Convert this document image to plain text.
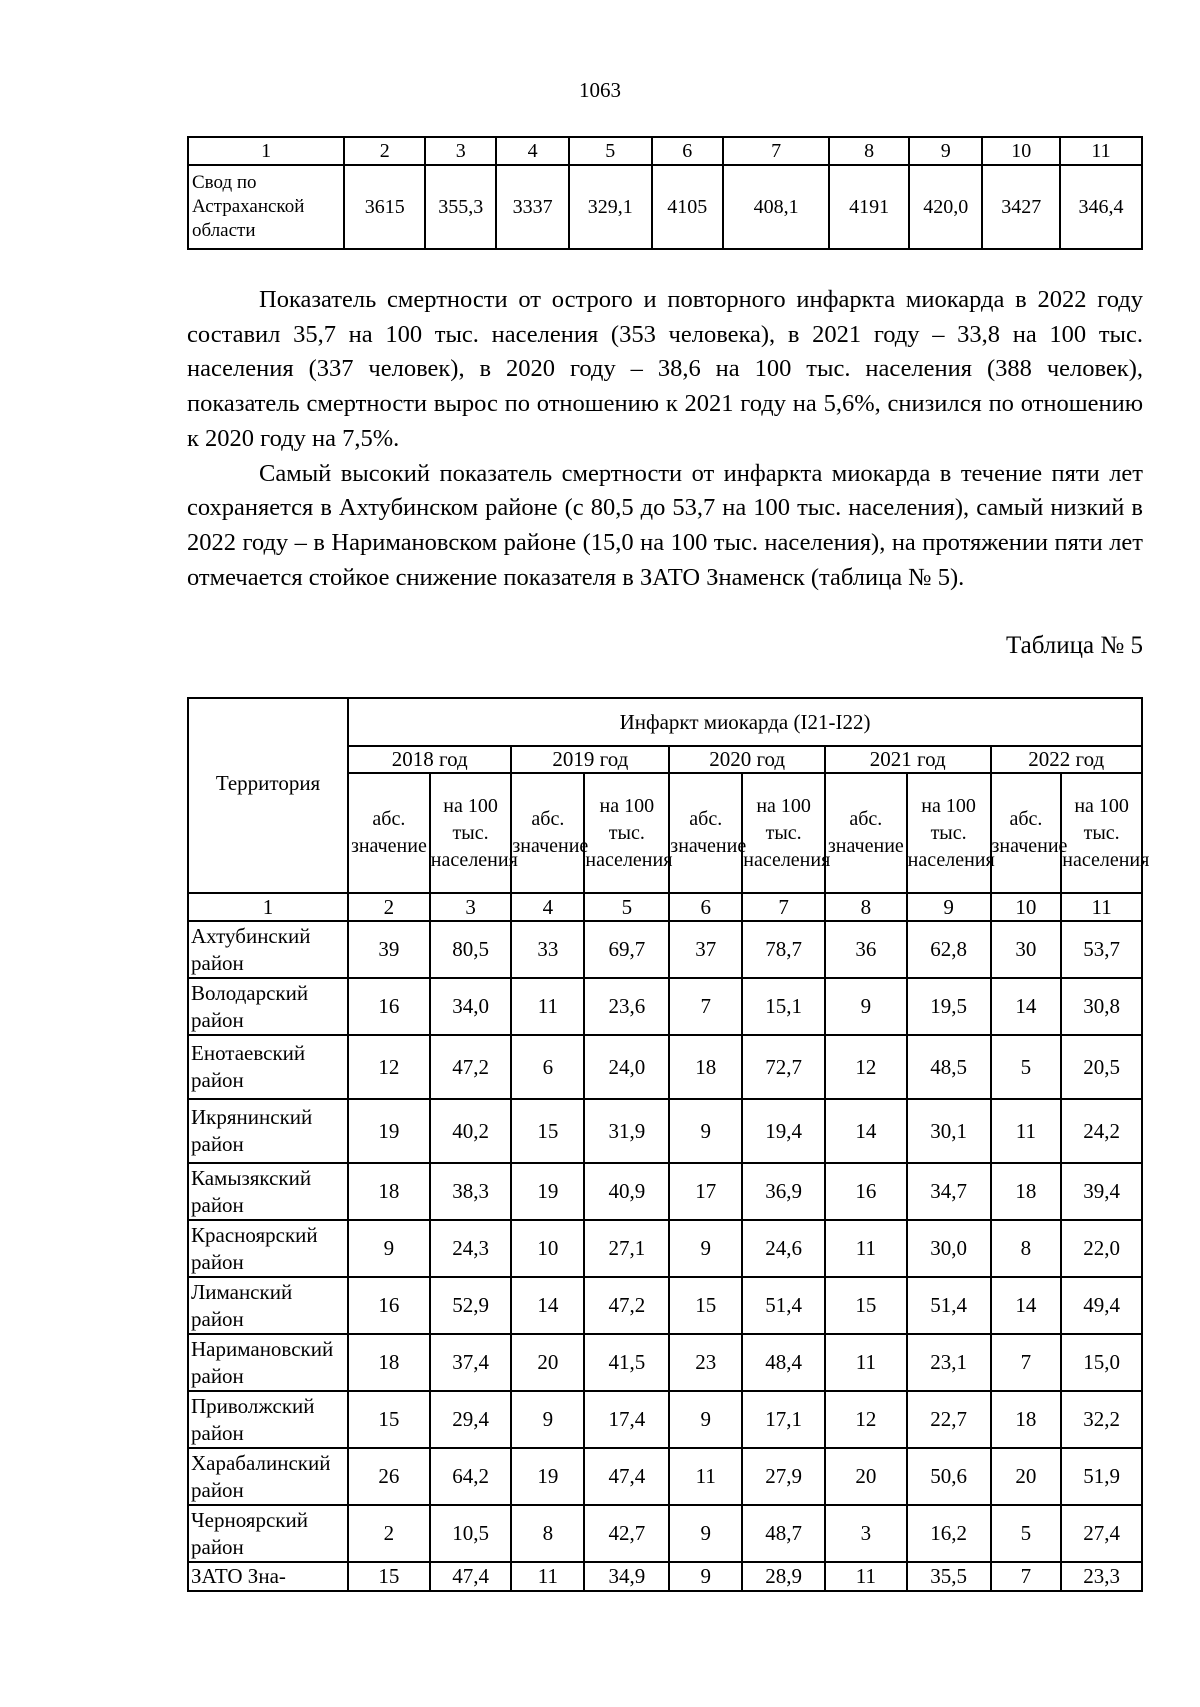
1063
1	2	3	4	5	6	7	8	9	10	11
Свод по Астраханской области	3615	355,3	3337	329,1	4105	408,1	4191	420,0	3427	346,4

Показатель смертности от острого и повторного инфаркта миокарда в 2022 году составил 35,7 на 100 тыс. населения (353 человека), в 2021 году – 33,8 на 100 тыс. населения (337 человек), в 2020 году – 38,6 на 100 тыс. населения (388 человек), показатель смертности вырос по отношению к 2021 году на 5,6%, снизился по отношению к 2020 году на 7,5%.

Самый высокий показатель смертности от инфаркта миокарда в течение пяти лет сохраняется в Ахтубинском районе (с 80,5 до 53,7 на 100 тыс. населения), самый низкий в 2022 году – в Наримановском районе (15,0 на 100 тыс. населения), на протяжении пяти лет отмечается стойкое снижение показателя в ЗАТО Знаменск (таблица № 5).

Таблица № 5
Территория	Инфаркт миокарда (I21-I22)									
	2018 год		2019 год		2020 год		2021 год		2022 год	
	абс. значение	на 100 тыс. населения	абс. значение	на 100 тыс. населения	абс. значение	на 100 тыс. населения	абс. значение	на 100 тыс. населения	абс. значение	на 100 тыс. населения
1	2	3	4	5	6	7	8	9	10	11
Ахтубинский район	39	80,5	33	69,7	37	78,7	36	62,8	30	53,7
Володарский район	16	34,0	11	23,6	7	15,1	9	19,5	14	30,8
Енотаевский район	12	47,2	6	24,0	18	72,7	12	48,5	5	20,5
Икрянинский район	19	40,2	15	31,9	9	19,4	14	30,1	11	24,2
Камызякский район	18	38,3	19	40,9	17	36,9	16	34,7	18	39,4
Красноярский район	9	24,3	10	27,1	9	24,6	11	30,0	8	22,0
Лиманский район	16	52,9	14	47,2	15	51,4	15	51,4	14	49,4
Наримановский район	18	37,4	20	41,5	23	48,4	11	23,1	7	15,0
Приволжский район	15	29,4	9	17,4	9	17,1	12	22,7	18	32,2
Харабалинский район	26	64,2	19	47,4	11	27,9	20	50,6	20	51,9
Черноярский район	2	10,5	8	42,7	9	48,7	3	16,2	5	27,4
ЗАТО Зна-	15	47,4	11	34,9	9	28,9	11	35,5	7	23,3
